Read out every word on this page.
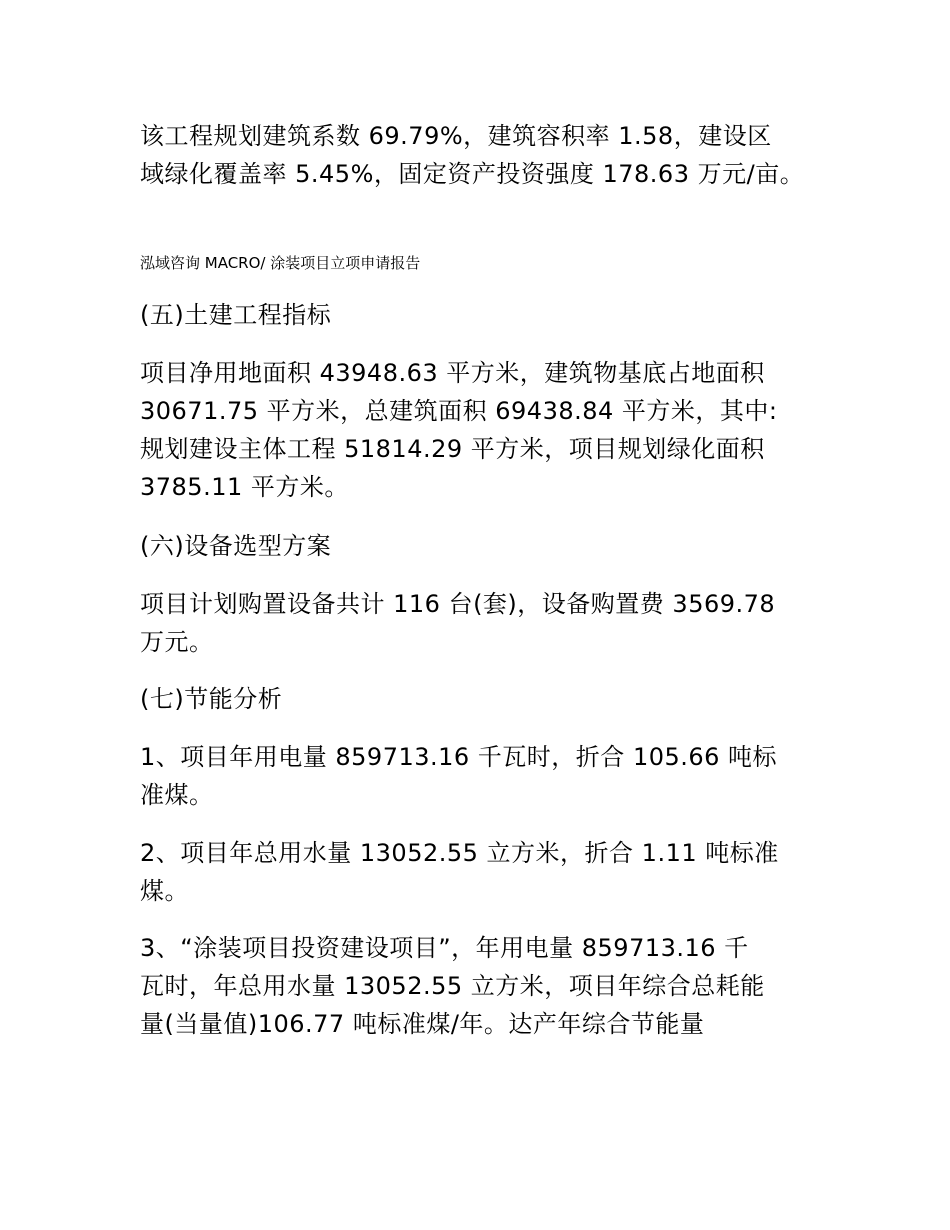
该工程规划建筑系数 69.79%，建筑容积率 1.58，建设区
域绿化覆盖率 5.45%，固定资产投资强度 178.63 万元/亩。
泓域咨询 MACRO/ 涂装项目立项申请报告
(五)土建工程指标
项目净用地面积 43948.63 平方米，建筑物基底占地面积
30671.75 平方米，总建筑面积 69438.84 平方米，其中:
规划建设主体工程 51814.29 平方米，项目规划绿化面积
3785.11 平方米。
(六)设备选型方案
项目计划购置设备共计 116 台(套)，设备购置费 3569.78
万元。
(七)节能分析
1、项目年用电量 859713.16 千瓦时，折合 105.66 吨标
准煤。
2、项目年总用水量 13052.55 立方米，折合 1.11 吨标准
煤。
3、“涂装项目投资建设项目”，年用电量 859713.16 千
瓦时，年总用水量 13052.55 立方米，项目年综合总耗能
量(当量值)106.77 吨标准煤/年。达产年综合节能量
